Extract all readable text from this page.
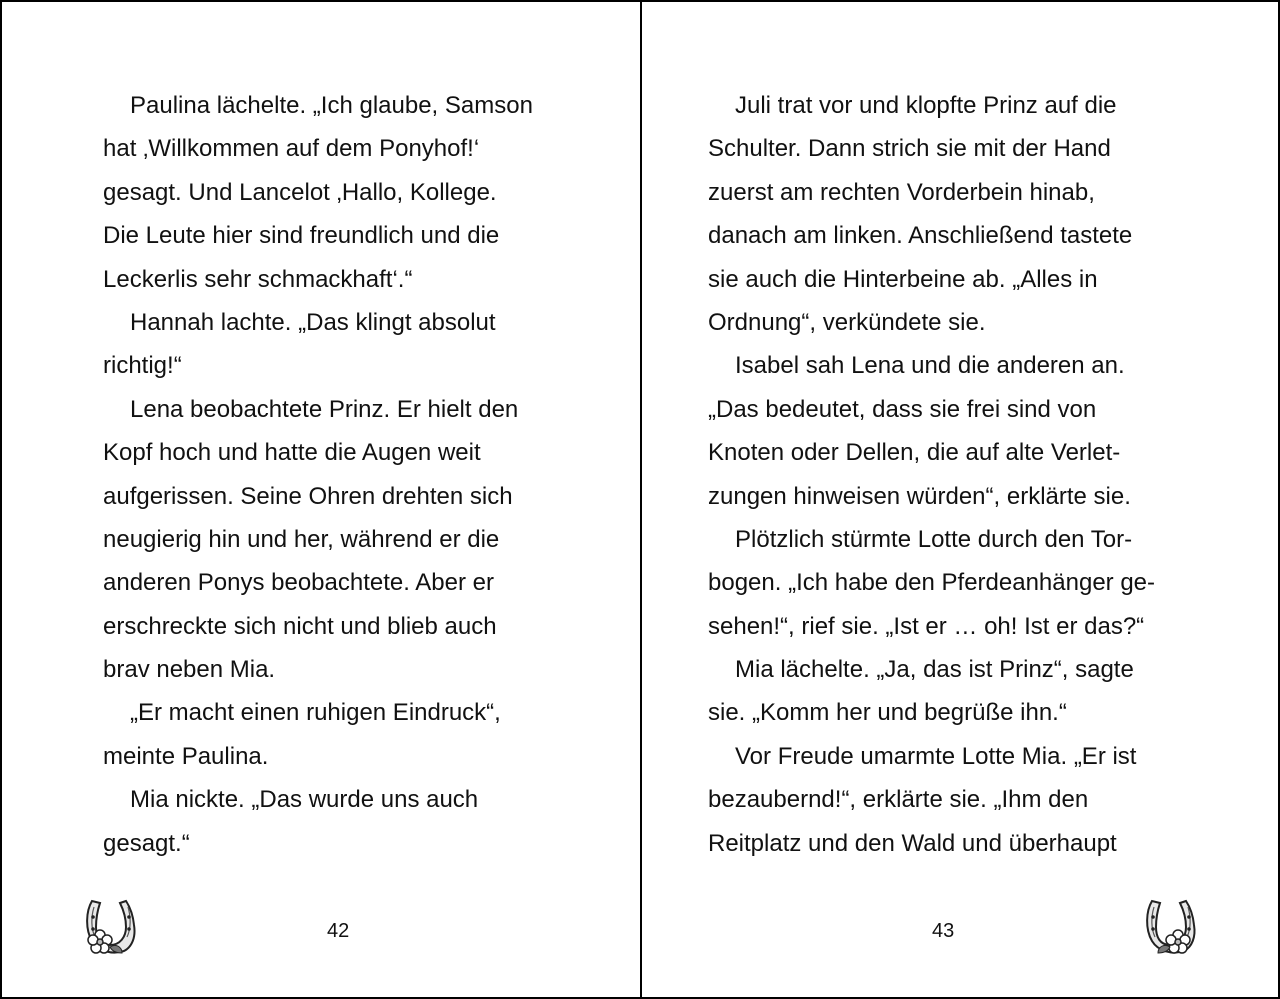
Paulina lächelte. „Ich glaube, Samson
hat ‚Willkommen auf dem Ponyhof!‘
gesagt. Und Lancelot ‚Hallo, Kollege.
Die Leute hier sind freundlich und die
Leckerlis sehr schmackhaft‘.“
Hannah lachte. „Das klingt absolut
richtig!“
Lena beobachtete Prinz. Er hielt den
Kopf hoch und hatte die Augen weit
aufgerissen. Seine Ohren drehten sich
neugierig hin und her, während er die
anderen Ponys beobachtete. Aber er
erschreckte sich nicht und blieb auch
brav neben Mia.
„Er macht einen ruhigen Eindruck“,
meinte Paulina.
Mia nickte. „Das wurde uns auch
gesagt.“
42
Juli trat vor und klopfte Prinz auf die
Schulter. Dann strich sie mit der Hand
zuerst am rechten Vorderbein hinab,
danach am linken. Anschließend tastete
sie auch die Hinterbeine ab. „Alles in
Ordnung“, verkündete sie.
Isabel sah Lena und die anderen an.
„Das bedeutet, dass sie frei sind von
Knoten oder Dellen, die auf alte Verlet-
zungen hinweisen würden“, erklärte sie.
Plötzlich stürmte Lotte durch den Tor-
bogen. „Ich habe den Pferdeanhänger ge-
sehen!“, rief sie. „Ist er … oh! Ist er das?“
Mia lächelte. „Ja, das ist Prinz“, sagte
sie. „Komm her und begrüße ihn.“
Vor Freude umarmte Lotte Mia. „Er ist
bezaubernd!“, erklärte sie. „Ihm den
Reitplatz und den Wald und überhaupt
43
